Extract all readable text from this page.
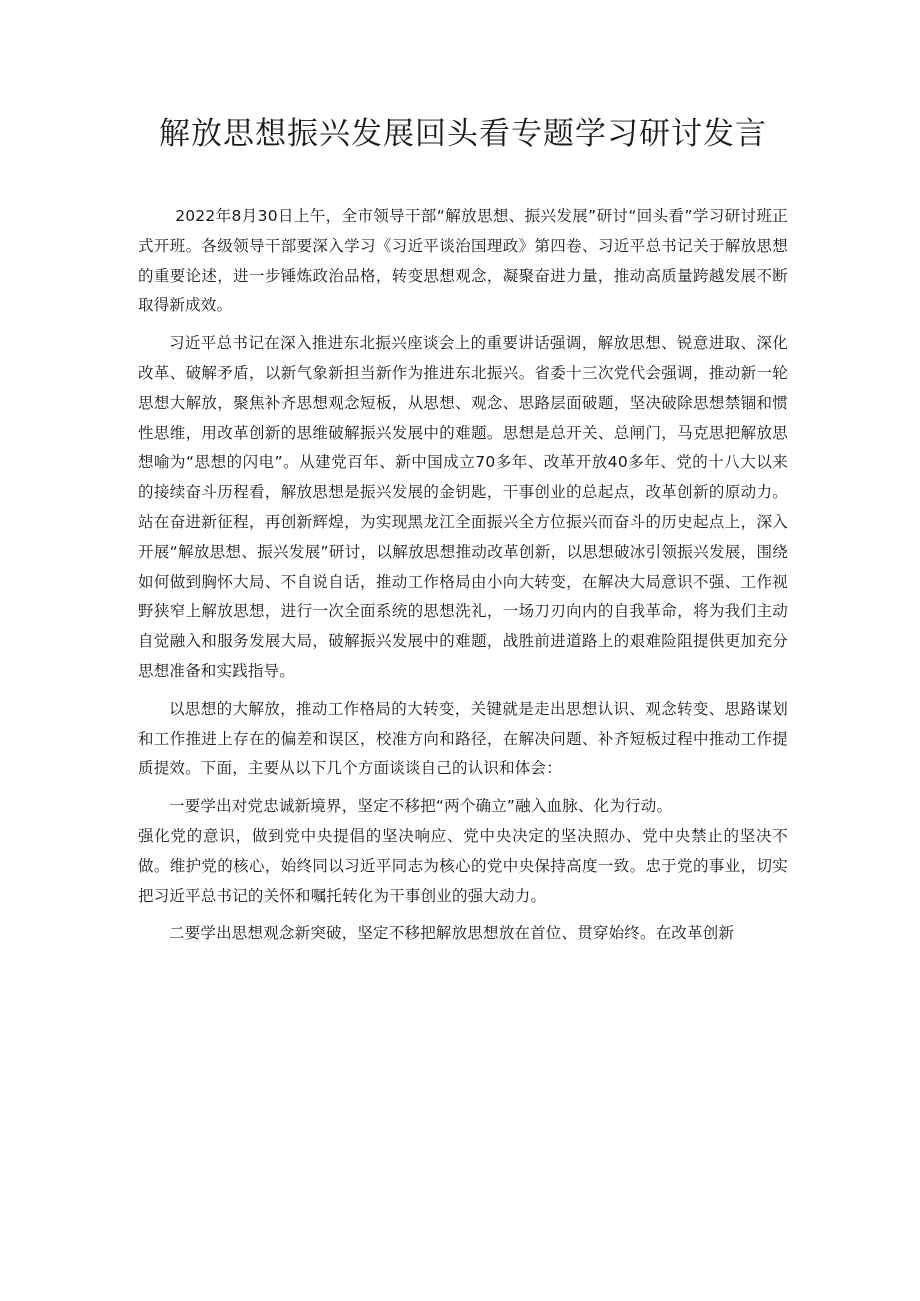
解放思想振兴发展回头看专题学习研讨发言

2022年8月30日上午，全市领导干部“解放思想、振兴发展”研讨“回头看”学习研讨班正式开班。各级领导干部要深入学习《习近平谈治国理政》第四卷、习近平总书记关于解放思想的重要论述，进一步锤炼政治品格，转变思想观念，凝聚奋进力量，推动高质量跨越发展不断取得新成效。

习近平总书记在深入推进东北振兴座谈会上的重要讲话强调，解放思想、锐意进取、深化改革、破解矛盾，以新气象新担当新作为推进东北振兴。省委十三次党代会强调，推动新一轮思想大解放，聚焦补齐思想观念短板，从思想、观念、思路层面破题，坚决破除思想禁锢和惯性思维，用改革创新的思维破解振兴发展中的难题。思想是总开关、总闸门，马克思把解放思想喻为“思想的闪电”。从建党百年、新中国成立70多年、改革开放40多年、党的十八大以来的接续奋斗历程看，解放思想是振兴发展的金钥匙，干事创业的总起点，改革创新的原动力。站在奋进新征程，再创新辉煌，为实现黑龙江全面振兴全方位振兴而奋斗的历史起点上，深入开展“解放思想、振兴发展”研讨，以解放思想推动改革创新，以思想破冰引领振兴发展，围绕如何做到胸怀大局、不自说自话，推动工作格局由小向大转变，在解决大局意识不强、工作视野狭窄上解放思想，进行一次全面系统的思想洗礼，一场刀刃向内的自我革命，将为我们主动自觉融入和服务发展大局，破解振兴发展中的难题，战胜前进道路上的艰难险阻提供更加充分思想准备和实践指导。

以思想的大解放，推动工作格局的大转变，关键就是走出思想认识、观念转变、思路谋划和工作推进上存在的偏差和误区，校准方向和路径，在解决问题、补齐短板过程中推动工作提质提效。下面，主要从以下几个方面谈谈自己的认识和体会：

一要学出对党忠诚新境界，坚定不移把“两个确立”融入血脉、化为行动。

强化党的意识，做到党中央提倡的坚决响应、党中央决定的坚决照办、党中央禁止的坚决不做。维护党的核心，始终同以习近平同志为核心的党中央保持高度一致。忠于党的事业，切实把习近平总书记的关怀和嘱托转化为干事创业的强大动力。

二要学出思想观念新突破，坚定不移把解放思想放在首位、贯穿始终。在改革创新
